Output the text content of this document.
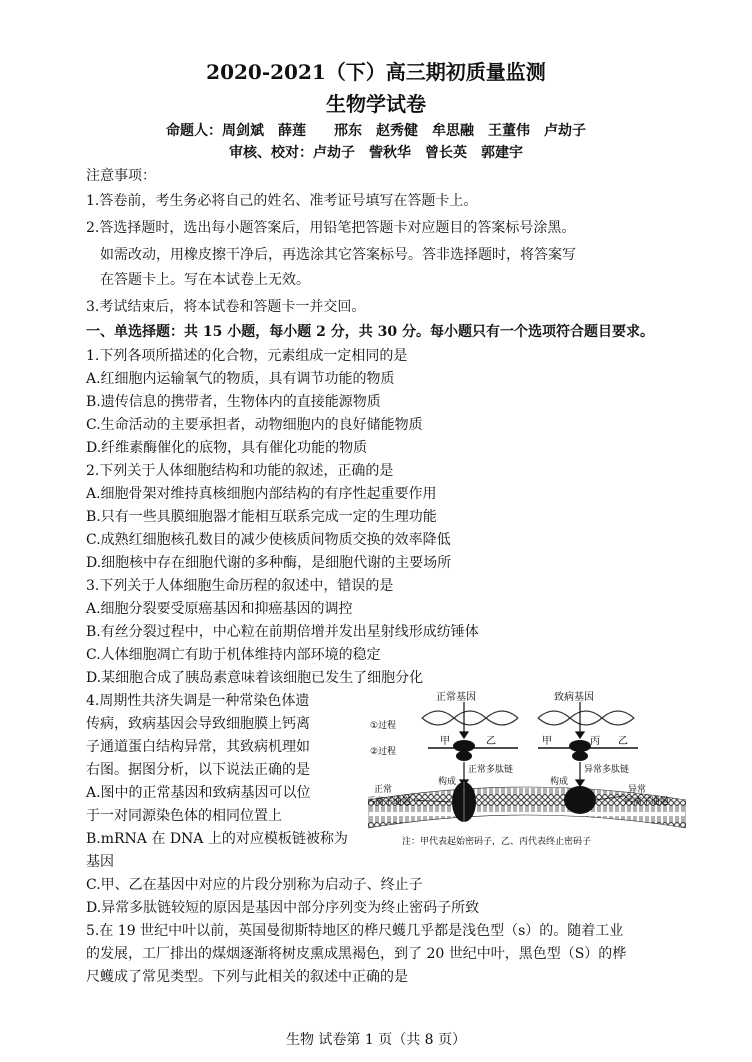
2020-2021（下）高三期初质量监测
生物学试卷
命题人：周剑斌　薛莲　　邢东　赵秀健　牟思融　王董伟　卢劫子
审核、校对：卢劫子　訾秋华　曾长英　郭建宇
注意事项：
1.答卷前，考生务必将自己的姓名、准考证号填写在答题卡上。
2.答选择题时，选出每小题答案后，用铅笔把答题卡对应题目的答案标号涂黑。
如需改动，用橡皮擦干净后，再选涂其它答案标号。答非选择题时，将答案写
在答题卡上。写在本试卷上无效。
3.考试结束后，将本试卷和答题卡一并交回。
一、单选择题：共 15 小题，每小题 2 分，共 30 分。每小题只有一个选项符合题目要求。
1.下列各项所描述的化合物，元素组成一定相同的是
A.红细胞内运输氧气的物质，具有调节功能的物质
B.遗传信息的携带者，生物体内的直接能源物质
C.生命活动的主要承担者，动物细胞内的良好储能物质
D.纤维素酶催化的底物，具有催化功能的物质
2.下列关于人体细胞结构和功能的叙述，正确的是
A.细胞骨架对维持真核细胞内部结构的有序性起重要作用
B.只有一些具膜细胞器才能相互联系完成一定的生理功能
C.成熟红细胞核孔数目的减少使核质间物质交换的效率降低
D.细胞核中存在细胞代谢的多种酶，是细胞代谢的主要场所
3.下列关于人体细胞生命历程的叙述中，错误的是
A.细胞分裂要受原癌基因和抑癌基因的调控
B.有丝分裂过程中，中心粒在前期倍增并发出星射线形成纺锤体
C.人体细胞凋亡有助于机体维持内部环境的稳定
D.某细胞合成了胰岛素意味着该细胞已发生了细胞分化
4.周期性共济失调是一种常染色体遗
传病，致病基因会导致细胞膜上钙离
子通道蛋白结构异常，其致病机理如
右图。据图分析，以下说法正确的是
A.图中的正常基因和致病基因可以位
于一对同源染色体的相同位置上
B.mRNA 在 DNA 上的对应模板链被称为
基因
C.甲、乙在基因中对应的片段分别称为启动子、终止子
D.异常多肽链较短的原因是基因中部分序列变为终止密码子所致
正常基因	致病基因
①过程
②过程
甲	乙	甲	丙 乙
正常多肽链	异常多肽链
构成	构成
正常
钙离子通道
异常
钙离子通道
注：甲代表起始密码子，乙、丙代表终止密码子
5.在 19 世纪中叶以前，英国曼彻斯特地区的桦尺蠖几乎都是浅色型（s）的。随着工业
的发展，工厂排出的煤烟逐渐将树皮熏成黑褐色，到了 20 世纪中叶，黑色型（S）的桦
尺蠖成了常见类型。下列与此相关的叙述中正确的是
生物 试卷第 1 页（共 8 页）
